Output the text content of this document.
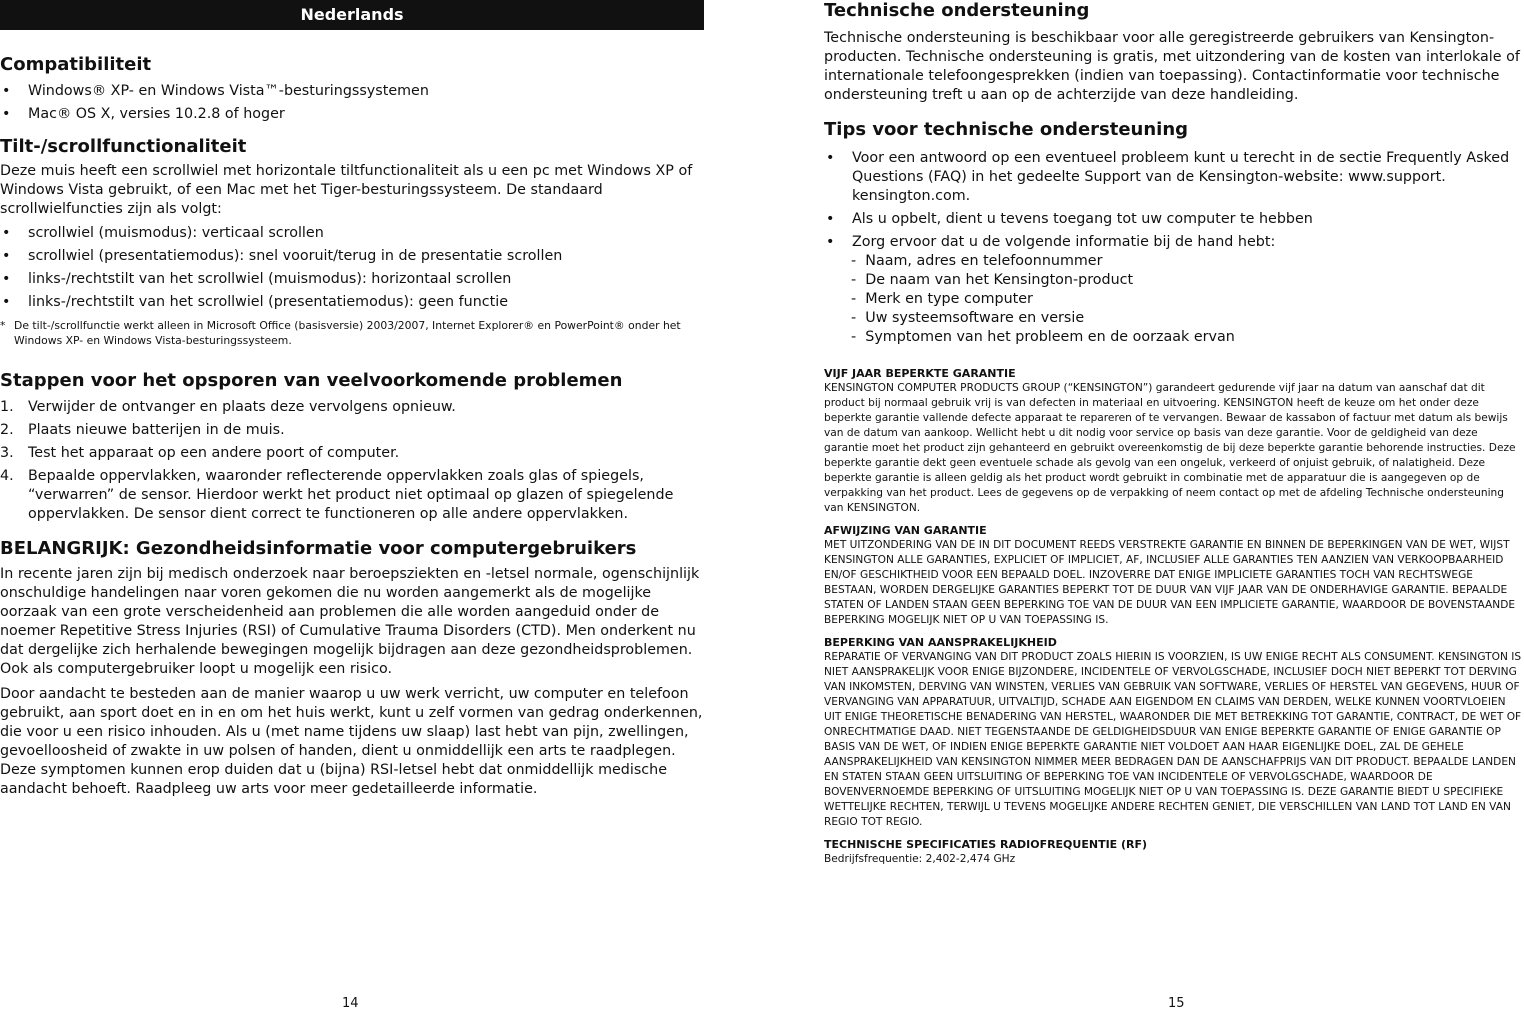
Nederlands
Compatibiliteit
• Windows® XP- en Windows Vista™-besturingssystemen
• Mac® OS X, versies 10.2.8 of hoger
Tilt-/scrollfunctionaliteit

Deze muis heeft een scrollwiel met horizontale tiltfunctionaliteit als u een pc met Windows XP of Windows Vista gebruikt, of een Mac met het Tiger-besturingssysteem. De standaard scrollwielfuncties zijn als volgt:

• scrollwiel (muismodus): verticaal scrollen
• scrollwiel (presentatiemodus): snel vooruit/terug in de presentatie scrollen
• links-/rechtstilt van het scrollwiel (muismodus): horizontaal scrollen
• links-/rechtstilt van het scrollwiel (presentatiemodus): geen functie

* De tilt-/scrollfunctie werkt alleen in Microsoft Office (basisversie) 2003/2007, Internet Explorer® en PowerPoint® onder het Windows XP- en Windows Vista-besturingssysteem.

Stappen voor het opsporen van veelvoorkomende problemen
1. Verwijder de ontvanger en plaats deze vervolgens opnieuw.
2. Plaats nieuwe batterijen in de muis.
3. Test het apparaat op een andere poort of computer.
4. Bepaalde oppervlakken, waaronder reflecterende oppervlakken zoals glas of spiegels, “verwarren” de sensor. Hierdoor werkt het product niet optimaal op glazen of spiegelende oppervlakken. De sensor dient correct te functioneren op alle andere oppervlakken.
BELANGRIJK: Gezondheidsinformatie voor computergebruikers

In recente jaren zijn bij medisch onderzoek naar beroepsziekten en -letsel normale, ogenschijnlijk onschuldige handelingen naar voren gekomen die nu worden aangemerkt als de mogelijke oorzaak van een grote verscheidenheid aan problemen die alle worden aangeduid onder de noemer Repetitive Stress Injuries (RSI) of Cumulative Trauma Disorders (CTD). Men onderkent nu dat dergelijke zich herhalende bewegingen mogelijk bijdragen aan deze gezondheidsproblemen. Ook als computergebruiker loopt u mogelijk een risico.

Door aandacht te besteden aan de manier waarop u uw werk verricht, uw computer en telefoon gebruikt, aan sport doet en in en om het huis werkt, kunt u zelf vormen van gedrag onderkennen, die voor u een risico inhouden. Als u (met name tijdens uw slaap) last hebt van pijn, zwellingen, gevoelloosheid of zwakte in uw polsen of handen, dient u onmiddellijk een arts te raadplegen. Deze symptomen kunnen erop duiden dat u (bijna) RSI-letsel hebt dat onmiddellijk medische aandacht behoeft. Raadpleeg uw arts voor meer gedetailleerde informatie.

14
Technische ondersteuning

Technische ondersteuning is beschikbaar voor alle geregistreerde gebruikers van Kensington-producten. Technische ondersteuning is gratis, met uitzondering van de kosten van interlokale of internationale telefoongesprekken (indien van toepassing). Contactinformatie voor technische ondersteuning treft u aan op de achterzijde van deze handleiding.

Tips voor technische ondersteuning
• Voor een antwoord op een eventueel probleem kunt u terecht in de sectie Frequently Asked Questions (FAQ) in het gedeelte Support van de Kensington-website: www.support. kensington.com.
• Als u opbelt, dient u tevens toegang tot uw computer te hebben
• Zorg ervoor dat u de volgende informatie bij de hand hebt:
- Naam, adres en telefoonnummer
- De naam van het Kensington-product
- Merk en type computer
- Uw systeemsoftware en versie
- Symptomen van het probleem en de oorzaak ervan

VIJF JAAR BEPERKTE GARANTIE

KENSINGTON COMPUTER PRODUCTS GROUP (“KENSINGTON”) garandeert gedurende vijf jaar na datum van aanschaf dat dit product bij normaal gebruik vrij is van defecten in materiaal en uitvoering. KENSINGTON heeft de keuze om het onder deze beperkte garantie vallende defecte apparaat te repareren of te vervangen. Bewaar de kassabon of factuur met datum als bewijs van de datum van aankoop. Wellicht hebt u dit nodig voor service op basis van deze garantie. Voor de geldigheid van deze garantie moet het product zijn gehanteerd en gebruikt overeenkomstig de bij deze beperkte garantie behorende instructies. Deze beperkte garantie dekt geen eventuele schade als gevolg van een ongeluk, verkeerd of onjuist gebruik, of nalatigheid. Deze beperkte garantie is alleen geldig als het product wordt gebruikt in combinatie met de apparatuur die is aangegeven op de verpakking van het product. Lees de gegevens op de verpakking of neem contact op met de afdeling Technische ondersteuning van KENSINGTON.

AFWIJZING VAN GARANTIE

MET UITZONDERING VAN DE IN DIT DOCUMENT REEDS VERSTREKTE GARANTIE EN BINNEN DE BEPERKINGEN VAN DE WET, WIJST KENSINGTON ALLE GARANTIES, EXPLICIET OF IMPLICIET, AF, INCLUSIEF ALLE GARANTIES TEN AANZIEN VAN VERKOOPBAARHEID EN/OF GESCHIKTHEID VOOR EEN BEPAALD DOEL. INZOVERRE DAT ENIGE IMPLICIETE GARANTIES TOCH VAN RECHTSWEGE BESTAAN, WORDEN DERGELIJKE GARANTIES BEPERKT TOT DE DUUR VAN VIJF JAAR VAN DE ONDERHAVIGE GARANTIE. BEPAALDE STATEN OF LANDEN STAAN GEEN BEPERKING TOE VAN DE DUUR VAN EEN IMPLICIETE GARANTIE, WAARDOOR DE BOVENSTAANDE BEPERKING MOGELIJK NIET OP U VAN TOEPASSING IS.

BEPERKING VAN AANSPRAKELIJKHEID

REPARATIE OF VERVANGING VAN DIT PRODUCT ZOALS HIERIN IS VOORZIEN, IS UW ENIGE RECHT ALS CONSUMENT. KENSINGTON IS NIET AANSPRAKELIJK VOOR ENIGE BIJZONDERE, INCIDENTELE OF VERVOLGSCHADE, INCLUSIEF DOCH NIET BEPERKT TOT DERVING VAN INKOMSTEN, DERVING VAN WINSTEN, VERLIES VAN GEBRUIK VAN SOFTWARE, VERLIES OF HERSTEL VAN GEGEVENS, HUUR OF VERVANGING VAN APPARATUUR, UITVALTIJD, SCHADE AAN EIGENDOM EN CLAIMS VAN DERDEN, WELKE KUNNEN VOORTVLOEIEN UIT ENIGE THEORETISCHE BENADERING VAN HERSTEL, WAARONDER DIE MET BETREKKING TOT GARANTIE, CONTRACT, DE WET OF ONRECHTMATIGE DAAD. NIET TEGENSTAANDE DE GELDIGHEIDSDUUR VAN ENIGE BEPERKTE GARANTIE OF ENIGE GARANTIE OP BASIS VAN DE WET, OF INDIEN ENIGE BEPERKTE GARANTIE NIET VOLDOET AAN HAAR EIGENLIJKE DOEL, ZAL DE GEHELE AANSPRAKELIJKHEID VAN KENSINGTON NIMMER MEER BEDRAGEN DAN DE AANSCHAFPRIJS VAN DIT PRODUCT. BEPAALDE LANDEN EN STATEN STAAN GEEN UITSLUITING OF BEPERKING TOE VAN INCIDENTELE OF VERVOLGSCHADE, WAARDOOR DE BOVENVERNOEMDE BEPERKING OF UITSLUITING MOGELIJK NIET OP U VAN TOEPASSING IS. DEZE GARANTIE BIEDT U SPECIFIEKE WETTELIJKE RECHTEN, TERWIJL U TEVENS MOGELIJKE ANDERE RECHTEN GENIET, DIE VERSCHILLEN VAN LAND TOT LAND EN VAN REGIO TOT REGIO.

TECHNISCHE SPECIFICATIES RADIOFREQUENTIE (RF)

Bedrijfsfrequentie: 2,402-2,474 GHz

15
